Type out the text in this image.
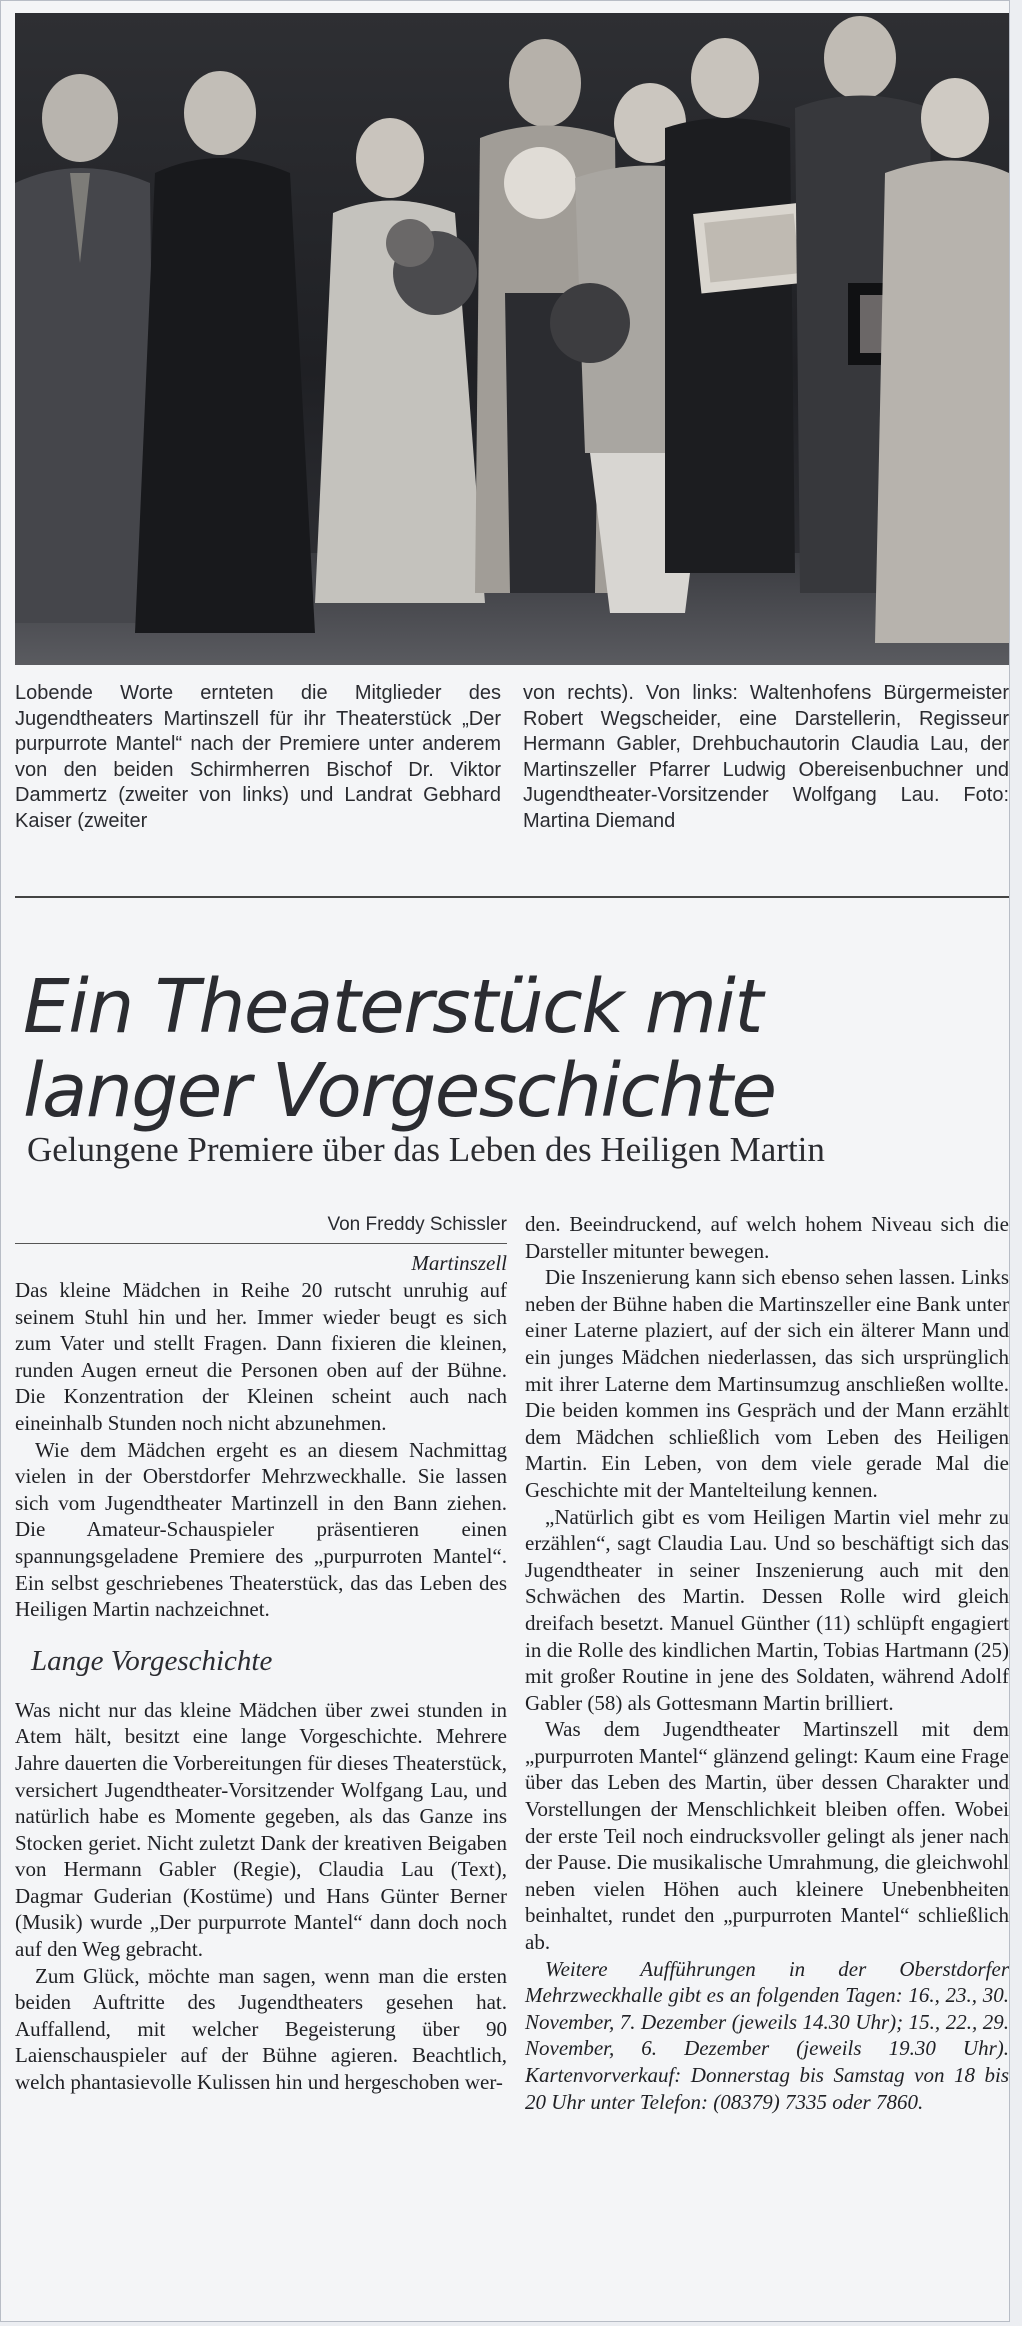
Lobende Worte ernteten die Mitglieder des Jugendtheaters Martinszell für ihr Theaterstück „Der purpurrote Mantel“ nach der Premiere unter anderem von den beiden Schirmherren Bischof Dr. Viktor Dammertz (zweiter von links) und Landrat Gebhard Kaiser (zweiter
von rechts). Von links: Waltenhofens Bürgermeister Robert Wegscheider, eine Darstellerin, Regisseur Hermann Gabler, Drehbuchautorin Claudia Lau, der Martinszeller Pfarrer Ludwig Obereisenbuchner und Jugendtheater-Vorsitzender Wolfgang Lau. Foto: Martina Diemand
Ein Theaterstück mit langer Vorgeschichte
Gelungene Premiere über das Leben des Heiligen Martin
Von Freddy Schissler
Martinszell

Das kleine Mädchen in Reihe 20 rutscht unruhig auf seinem Stuhl hin und her. Immer wieder beugt es sich zum Vater und stellt Fragen. Dann fixieren die kleinen, runden Augen erneut die Personen oben auf der Bühne. Die Konzentration der Kleinen scheint auch nach eineinhalb Stunden noch nicht abzunehmen.

Wie dem Mädchen ergeht es an diesem Nachmittag vielen in der Oberstdorfer Mehrzweckhalle. Sie lassen sich vom Jugendtheater Martinzell in den Bann ziehen. Die Amateur-Schauspieler präsentieren einen spannungsgeladene Premiere des „purpurroten Mantel“. Ein selbst geschriebenes Theaterstück, das das Leben des Heiligen Martin nachzeichnet.

Lange Vorgeschichte

Was nicht nur das kleine Mädchen über zwei stunden in Atem hält, besitzt eine lange Vorgeschichte. Mehrere Jahre dauerten die Vorbereitungen für dieses Theaterstück, versichert Jugendtheater-Vorsitzender Wolfgang Lau, und natürlich habe es Momente gegeben, als das Ganze ins Stocken geriet. Nicht zuletzt Dank der kreativen Beigaben von Hermann Gabler (Regie), Claudia Lau (Text), Dagmar Guderian (Kostüme) und Hans Günter Berner (Musik) wurde „Der purpurrote Mantel“ dann doch noch auf den Weg gebracht.

Zum Glück, möchte man sagen, wenn man die ersten beiden Auftritte des Jugendtheaters gesehen hat. Auffallend, mit welcher Begeisterung über 90 Laienschauspieler auf der Bühne agieren. Beachtlich, welch phantasievolle Kulissen hin und hergeschoben wer-

den. Beeindruckend, auf welch hohem Niveau sich die Darsteller mitunter bewegen.

Die Inszenierung kann sich ebenso sehen lassen. Links neben der Bühne haben die Martinszeller eine Bank unter einer Laterne plaziert, auf der sich ein älterer Mann und ein junges Mädchen niederlassen, das sich ursprünglich mit ihrer Laterne dem Martinsumzug anschließen wollte. Die beiden kommen ins Gespräch und der Mann erzählt dem Mädchen schließlich vom Leben des Heiligen Martin. Ein Leben, von dem viele gerade Mal die Geschichte mit der Mantelteilung kennen.

„Natürlich gibt es vom Heiligen Martin viel mehr zu erzählen“, sagt Claudia Lau. Und so beschäftigt sich das Jugendtheater in seiner Inszenierung auch mit den Schwächen des Martin. Dessen Rolle wird gleich dreifach besetzt. Manuel Günther (11) schlüpft engagiert in die Rolle des kindlichen Martin, Tobias Hartmann (25) mit großer Routine in jene des Soldaten, während Adolf Gabler (58) als Gottesmann Martin brilliert.

Was dem Jugendtheater Martinszell mit dem „purpurroten Mantel“ glänzend gelingt: Kaum eine Frage über das Leben des Martin, über dessen Charakter und Vorstellungen der Menschlichkeit bleiben offen. Wobei der erste Teil noch eindrucksvoller gelingt als jener nach der Pause. Die musikalische Umrahmung, die gleichwohl neben vielen Höhen auch kleinere Unebenbheiten beinhaltet, rundet den „purpurroten Mantel“ schließlich ab.

Weitere Aufführungen in der Oberstdorfer Mehrzweckhalle gibt es an folgenden Tagen: 16., 23., 30. November, 7. Dezember (jeweils 14.30 Uhr); 15., 22., 29. November, 6. Dezember (jeweils 19.30 Uhr). Kartenvorverkauf: Donnerstag bis Samstag von 18 bis 20 Uhr unter Telefon: (08379) 7335 oder 7860.
